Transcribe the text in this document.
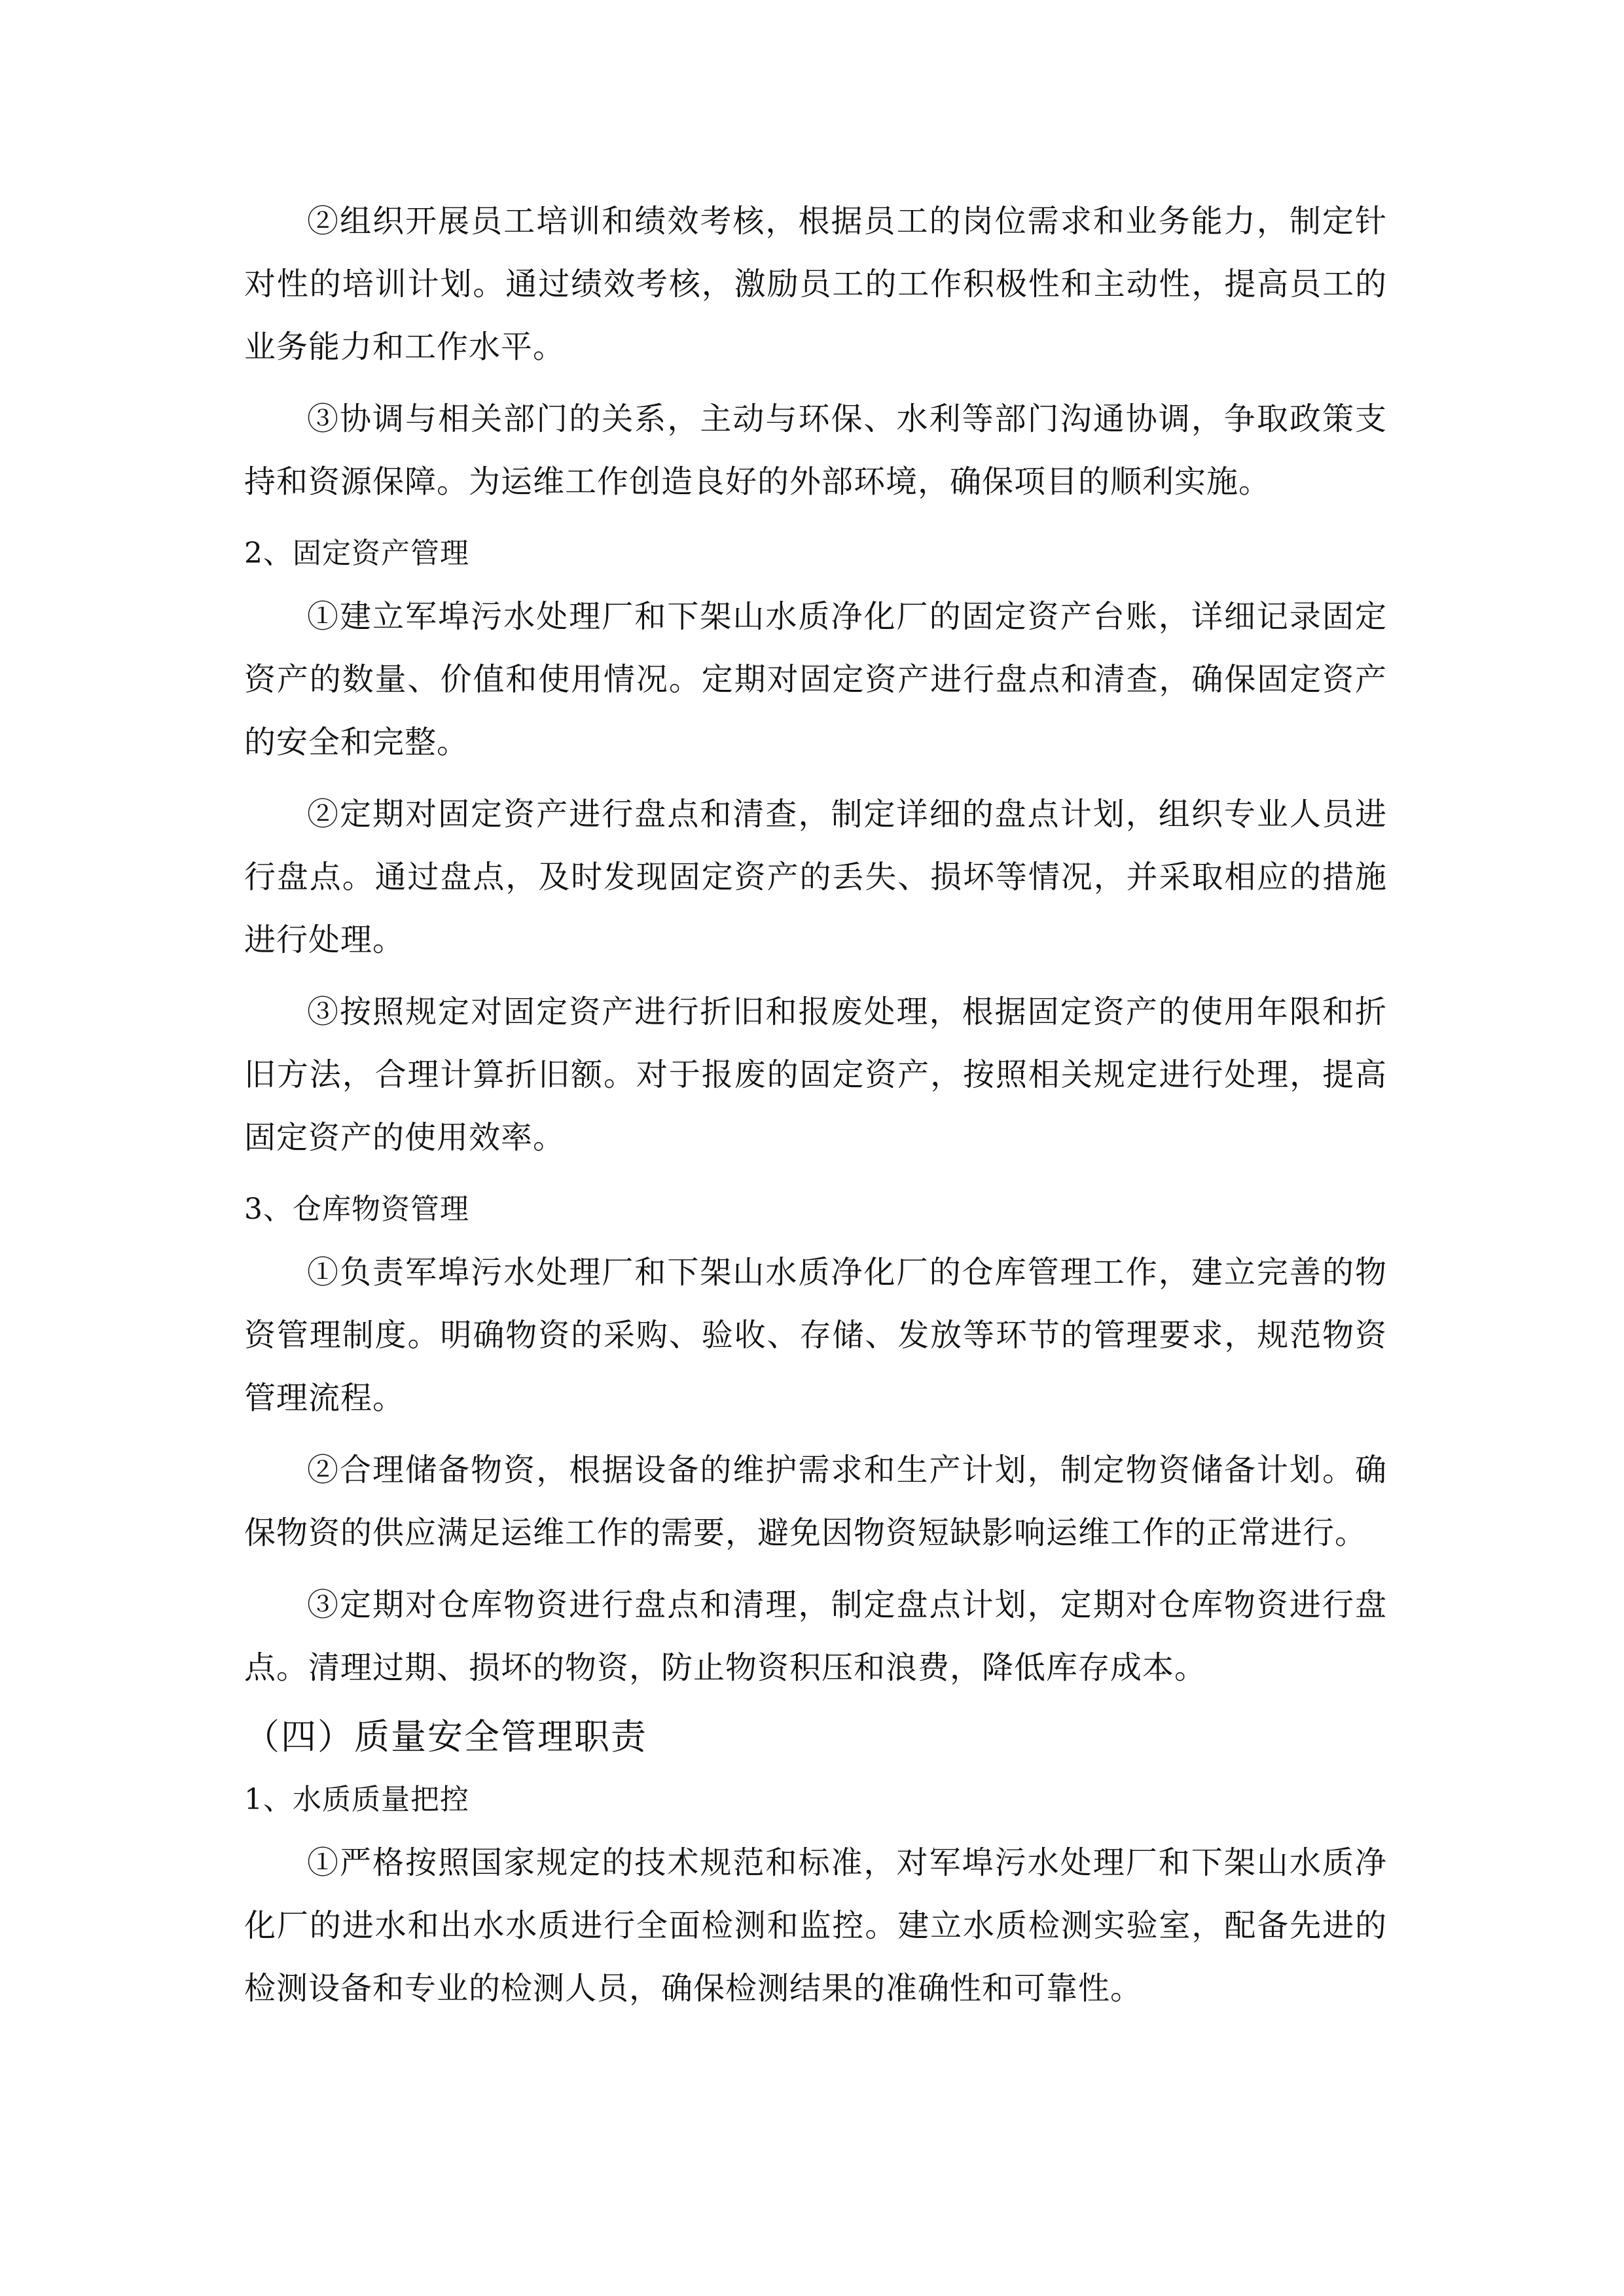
②组织开展员工培训和绩效考核，根据员工的岗位需求和业务能力，制定针对性的培训计划。通过绩效考核，激励员工的工作积极性和主动性，提高员工的业务能力和工作水平。

③协调与相关部门的关系，主动与环保、水利等部门沟通协调，争取政策支持和资源保障。为运维工作创造良好的外部环境，确保项目的顺利实施。

2、固定资产管理

①建立军埠污水处理厂和下架山水质净化厂的固定资产台账，详细记录固定资产的数量、价值和使用情况。定期对固定资产进行盘点和清查，确保固定资产的安全和完整。

②定期对固定资产进行盘点和清查，制定详细的盘点计划，组织专业人员进行盘点。通过盘点，及时发现固定资产的丢失、损坏等情况，并采取相应的措施进行处理。

③按照规定对固定资产进行折旧和报废处理，根据固定资产的使用年限和折旧方法，合理计算折旧额。对于报废的固定资产，按照相关规定进行处理，提高固定资产的使用效率。

3、仓库物资管理

①负责军埠污水处理厂和下架山水质净化厂的仓库管理工作，建立完善的物资管理制度。明确物资的采购、验收、存储、发放等环节的管理要求，规范物资管理流程。

②合理储备物资，根据设备的维护需求和生产计划，制定物资储备计划。确保物资的供应满足运维工作的需要，避免因物资短缺影响运维工作的正常进行。

③定期对仓库物资进行盘点和清理，制定盘点计划，定期对仓库物资进行盘点。清理过期、损坏的物资，防止物资积压和浪费，降低库存成本。

（四）质量安全管理职责

1、水质质量把控

①严格按照国家规定的技术规范和标准，对军埠污水处理厂和下架山水质净化厂的进水和出水水质进行全面检测和监控。建立水质检测实验室，配备先进的检测设备和专业的检测人员，确保检测结果的准确性和可靠性。
